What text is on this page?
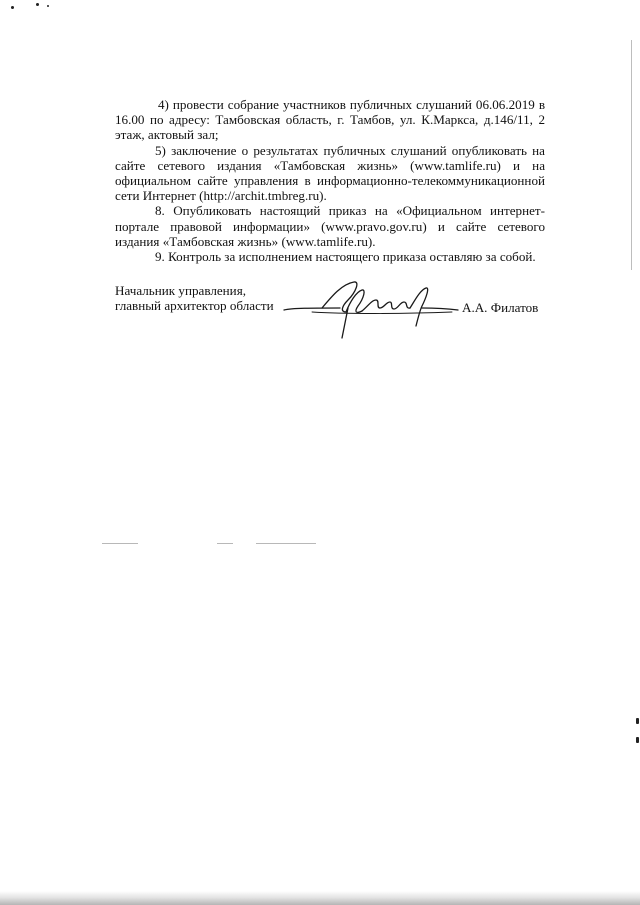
4) провести собрание участников публичных слушаний 06.06.2019 в 16.00 по адресу: Тамбовская область, г. Тамбов, ул. К.Маркса, д.146/11, 2 этаж, актовый зал;

5) заключение о результатах публичных слушаний опубликовать на сайте сетевого издания «Тамбовская жизнь» (www.tamlife.ru) и на официальном сайте управления в информационно-телекоммуникационной сети Интернет (http://archit.tmbreg.ru).

8. Опубликовать настоящий приказ на «Официальном интернет-портале правовой информации» (www.pravo.gov.ru) и сайте сетевого издания «Тамбовская жизнь» (www.tamlife.ru).

9. Контроль за исполнением настоящего приказа оставляю за собой.

Начальник управления,
главный архитектор области	А.А. Филатов
